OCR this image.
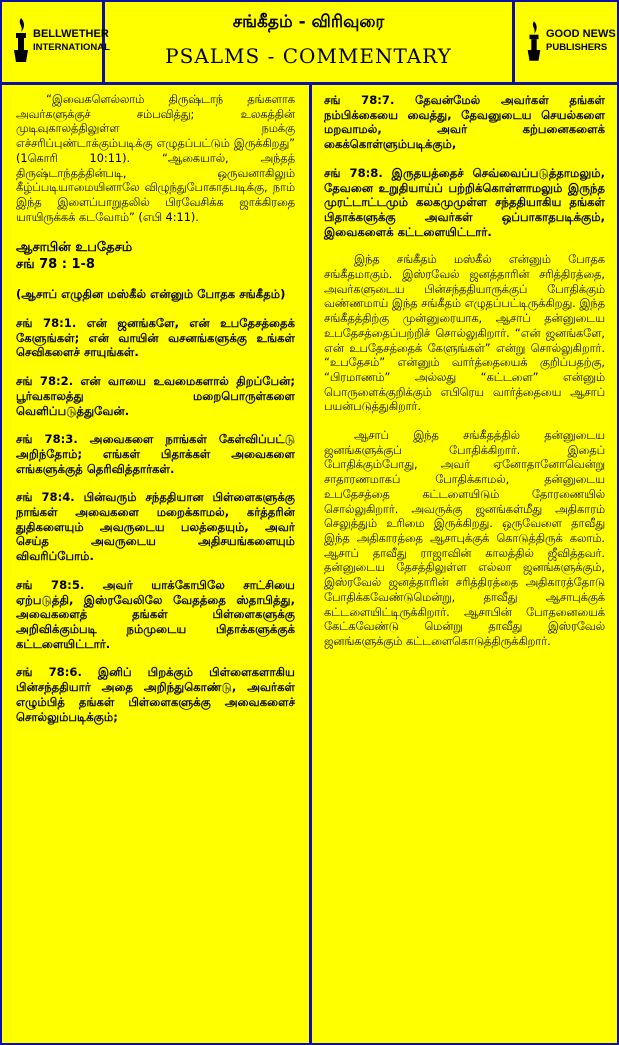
BELLWETHER
INTERNATIONAL
சங்கீதம் - விரிவுரை
PSALMS - COMMENTARY
GOOD NEWS
PUBLISHERS

“இவைகளெல்லாம் திருஷ்டாந் தங்களாக அவர்களுக்குச் சம்பவித்து; உலகத்தின் முடிவுகாலத்திலுள்ள நமக்கு எச்சரிப்புண்டாக்கும்படிக்கு எழுதப்பட்டும் இருக்கிறது” (1கொரி 10:11). “ஆகையால், அந்தத் திருஷ்டாந்தத்தின்படி, ஒருவனாகிலும் கீழ்ப்படியாமையினாலே விழுந்துபோகாதபடிக்கு, நாம் இந்த இளைப்பாறுதலில் பிரவேசிக்க ஜாக்கிரதை யாயிருக்கக் கடவோம்” (எபி 4:11).

ஆசாபின் உபதேசம்
சங் 78 : 1-8

(ஆசாப் எழுதின மஸ்கீல் என்னும் போதக சங்கீதம்)

சங் 78:1. என் ஜனங்களே, என் உபதேசத்தைக் கேளுங்கள்; என் வாயின் வசனங்களுக்கு உங்கள் செவிகளைச் சாயுங்கள்.

சங் 78:2. என் வாயை உவமைகளால் திறப்பேன்; பூர்வகாலத்து மறைபொருள்களை வெளிப்படுத்துவேன்.

சங் 78:3. அவைகளை நாங்கள் கேள்விப்பட்டு அறிந்தோம்; எங்கள் பிதாக்கள் அவைகளை எங்களுக்குத் தெரிவித்தார்கள்.

சங் 78:4. பின்வரும் சந்ததியான பிள்ளைகளுக்கு நாங்கள் அவைகளை மறைக்காமல், கர்த்தரின் துதிகளையும் அவருடைய பலத்தையும், அவர் செய்த அவருடைய அதிசயங்களையும் விவரிப்போம்.

சங் 78:5. அவர் யாக்கோபிலே சாட்சியை ஏற்படுத்தி, இஸ்ரவேலிலே வேதத்தை ஸ்தாபித்து, அவைகளைத் தங்கள் பிள்ளைகளுக்கு அறிவிக்கும்படி நம்முடைய பிதாக்களுக்குக் கட்டளையிட்டார்.

சங் 78:6. இனிப் பிறக்கும் பிள்ளைகளாகிய பின்சந்ததியார் அதை அறிந்துகொண்டு, அவர்கள் எழும்பித் தங்கள் பிள்ளைகளுக்கு அவைகளைச் சொல்லும்படிக்கும்;

சங் 78:7. தேவன்மேல் அவர்கள் தங்கள் நம்பிக்கையை வைத்து, தேவனுடைய செயல்களை மறவாமல், அவர் கற்பனைகளைக் கைக்கொள்ளும்படிக்கும்,

சங் 78:8. இருதயத்தைச் செவ்வைப்படுத்தாமலும், தேவனை உறுதியாய்ப் பற்றிக்கொள்ளாமலும் இருந்த முரட்டாட்டமும் கலகமுமுள்ள சந்ததியாகிய தங்கள் பிதாக்களுக்கு அவர்கள் ஒப்பாகாதபடிக்கும், இவைகளைக் கட்டளையிட்டார்.

இந்த சங்கீதம் மஸ்கீல் என்னும் போதக சங்கீதமாகும். இஸ்ரவேல் ஜனத்தாரின் சரித்திரத்தை, அவர்களுடைய பின்சந்ததியாருக்குப் போதிக்கும் வண்ணமாய் இந்த சங்கீதம் எழுதப்பட்டிருக்கிறது. இந்த சங்கீதத்திற்கு முன்னுரையாக, ஆசாப் தன்னுடைய உபதேசத்தைப்பற்றிச் சொல்லுகிறார். “என் ஜனங்களே, என் உபதேசத்தைக் கேளுங்கள்” என்று சொல்லுகிறார். “உபதேசம்” என்னும் வார்த்தையைக் குறிப்பதற்கு, “பிரமாணம்” அல்லது “கட்டளை” என்னும் பொருளைக்குறிக்கும் எபிரெய வார்த்தையை ஆசாப் பயன்படுத்துகிறார்.

ஆசாப் இந்த சங்கீதத்தில் தன்னுடைய ஜனங்களுக்குப் போதிக்கிறார். இதைப் போதிக்கும்போது, அவர் ஏனோதானோவென்று சாதாரணமாகப் போதிக்காமல், தன்னுடைய உபதேசத்தை கட்டளையிடும் தோரணையில் சொல்லுகிறார். அவருக்கு ஜனங்கள்மீது அதிகாரம் செலுத்தும் உரிமை இருக்கிறது. ஒருவேளை தாவீது இந்த அதிகாரத்தை ஆசாபுக்குக் கொடுத்திருக் கலாம். ஆசாப் தாவீது ராஜாவின் காலத்தில் ஜீவித்தவர். தன்னுடைய தேசத்திலுள்ள எல்லா ஜனங்களுக்கும், இஸ்ரவேல் ஜனத்தாரின் சரித்திரத்தை அதிகாரத்தோடு போதிக்கவேண்டுமென்று, தாவீது ஆசாபுக்குக் கட்டளையிட்டிருக்கிறார். ஆசாபின் போதனையைக் கேட்கவேண்டு மென்று தாவீது இஸ்ரவேல் ஜனங்களுக்கும் கட்டளைகொடுத்திருக்கிறார்.
